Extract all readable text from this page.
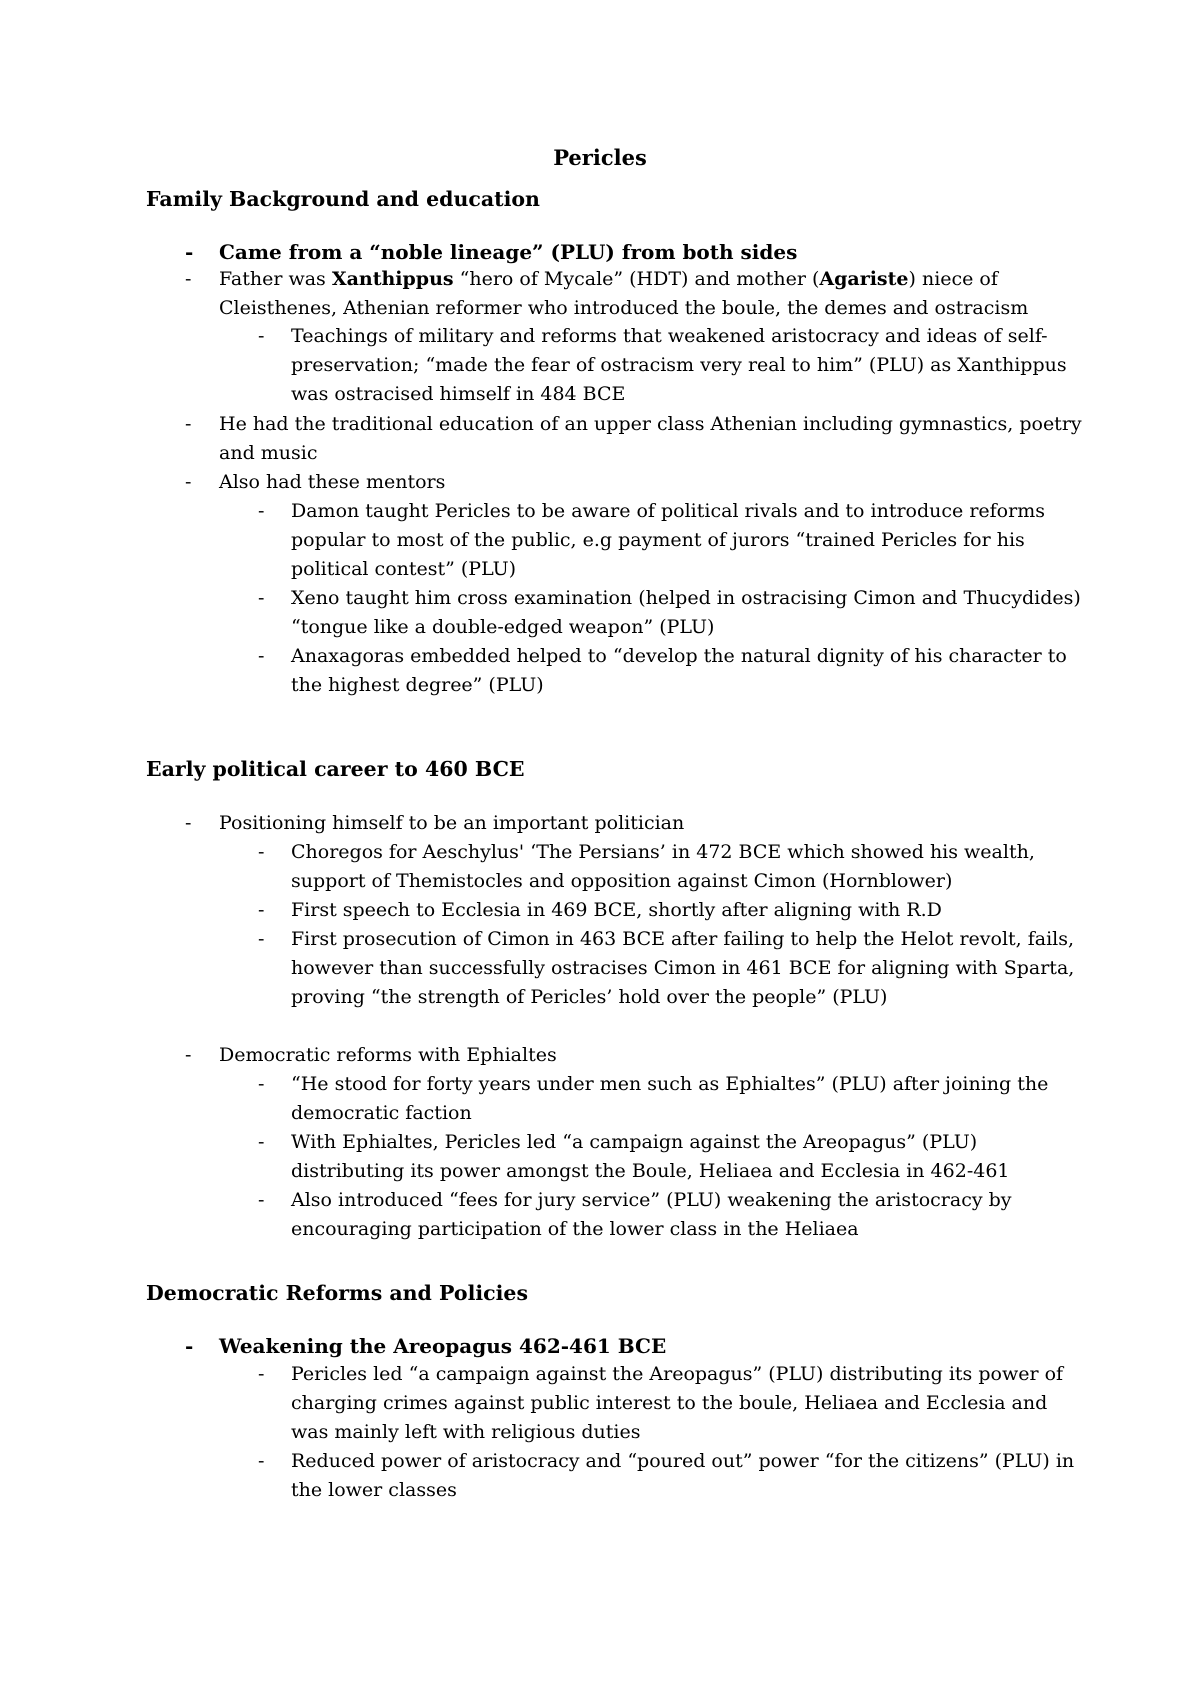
Pericles
Family Background and education
-	Came from a “noble lineage” (PLU) from both sides
-	Father was Xanthippus “hero of Mycale” (HDT) and mother (Agariste) niece of Cleisthenes, Athenian reformer who introduced the boule, the demes and ostracism
-	Teachings of military and reforms that weakened aristocracy and ideas of self-preservation; “made the fear of ostracism very real to him” (PLU) as Xanthippus was ostracised himself in 484 BCE
-	He had the traditional education of an upper class Athenian including gymnastics, poetry and music
-	Also had these mentors
-	Damon taught Pericles to be aware of political rivals and to introduce reforms popular to most of the public, e.g payment of jurors “trained Pericles for his political contest” (PLU)
-	Xeno taught him cross examination (helped in ostracising Cimon and Thucydides) “tongue like a double-edged weapon” (PLU)
-	Anaxagoras embedded helped to “develop the natural dignity of his character to the highest degree” (PLU)
Early political career to 460 BCE
-	Positioning himself to be an important politician
-	Choregos for Aeschylus' ‘The Persians’ in 472 BCE which showed his wealth, support of Themistocles and opposition against Cimon (Hornblower)
-	First speech to Ecclesia in 469 BCE, shortly after aligning with R.D
-	First prosecution of Cimon in 463 BCE after failing to help the Helot revolt, fails, however than successfully ostracises Cimon in 461 BCE for aligning with Sparta, proving “the strength of Pericles’ hold over the people” (PLU)
-	Democratic reforms with Ephialtes
-	“He stood for forty years under men such as Ephialtes” (PLU) after joining the democratic faction
-	With Ephialtes, Pericles led “a campaign against the Areopagus” (PLU) distributing its power amongst the Boule, Heliaea and Ecclesia in 462-461
-	Also introduced “fees for jury service” (PLU) weakening the aristocracy by encouraging participation of the lower class in the Heliaea
Democratic Reforms and Policies
-	Weakening the Areopagus 462-461 BCE
-	Pericles led “a campaign against the Areopagus” (PLU) distributing its power of charging crimes against public interest to the boule, Heliaea and Ecclesia and was mainly left with religious duties
-	Reduced power of aristocracy and “poured out” power “for the citizens” (PLU) in the lower classes
